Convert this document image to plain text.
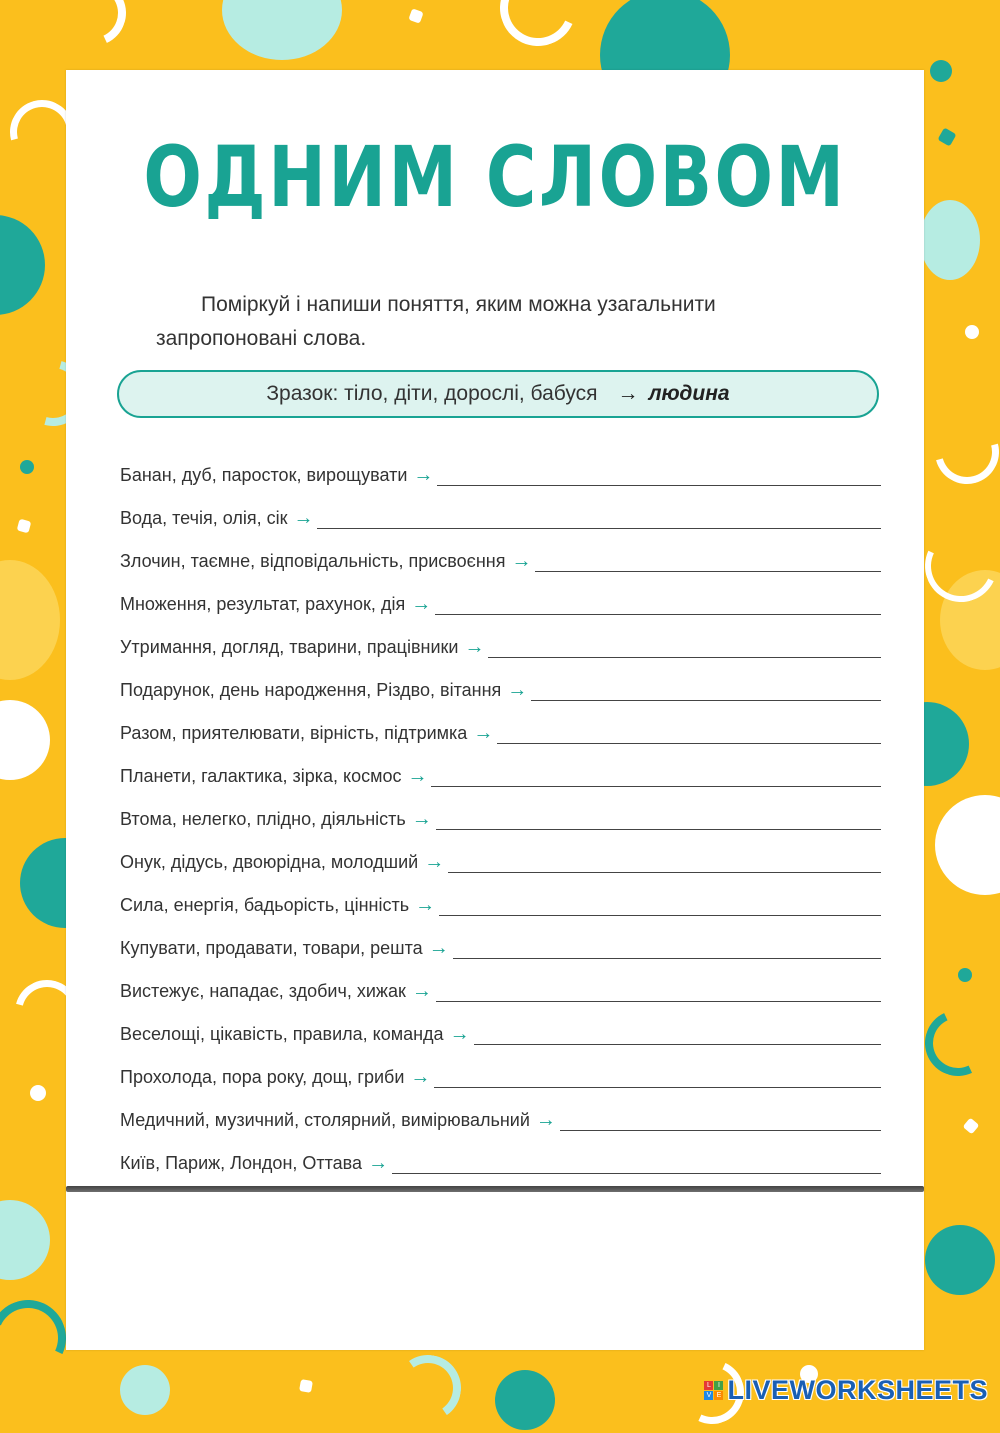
ОДНИМ СЛОВОМ
Поміркуй і напиши поняття, яким можна узагальнити запропоновані слова.
Зразок: тіло, діти, дорослі, бабуся → людина
Банан, дуб, паросток, вирощувати →
Вода, течія, олія, сік →
Злочин, таємне, відповідальність, присвоєння →
Множення, результат, рахунок, дія →
Утримання, догляд, тварини, працівники →
Подарунок, день народження, Різдво, вітання →
Разом, приятелювати, вірність, підтримка →
Планети, галактика, зірка, космос →
Втома, нелегко, плідно, діяльність →
Онук, дідусь, двоюрідна, молодший →
Сила, енергія, бадьорість, цінність →
Купувати, продавати, товари, решта →
Вистежує, нападає, здобич, хижак →
Веселощі, цікавість, правила, команда →
Прохолода, пора року, дощ, гриби →
Медичний, музичний, столярний, вимірювальний →
Київ, Париж, Лондон, Оттава →
L	I
V E LIVEWORKSHEETS
